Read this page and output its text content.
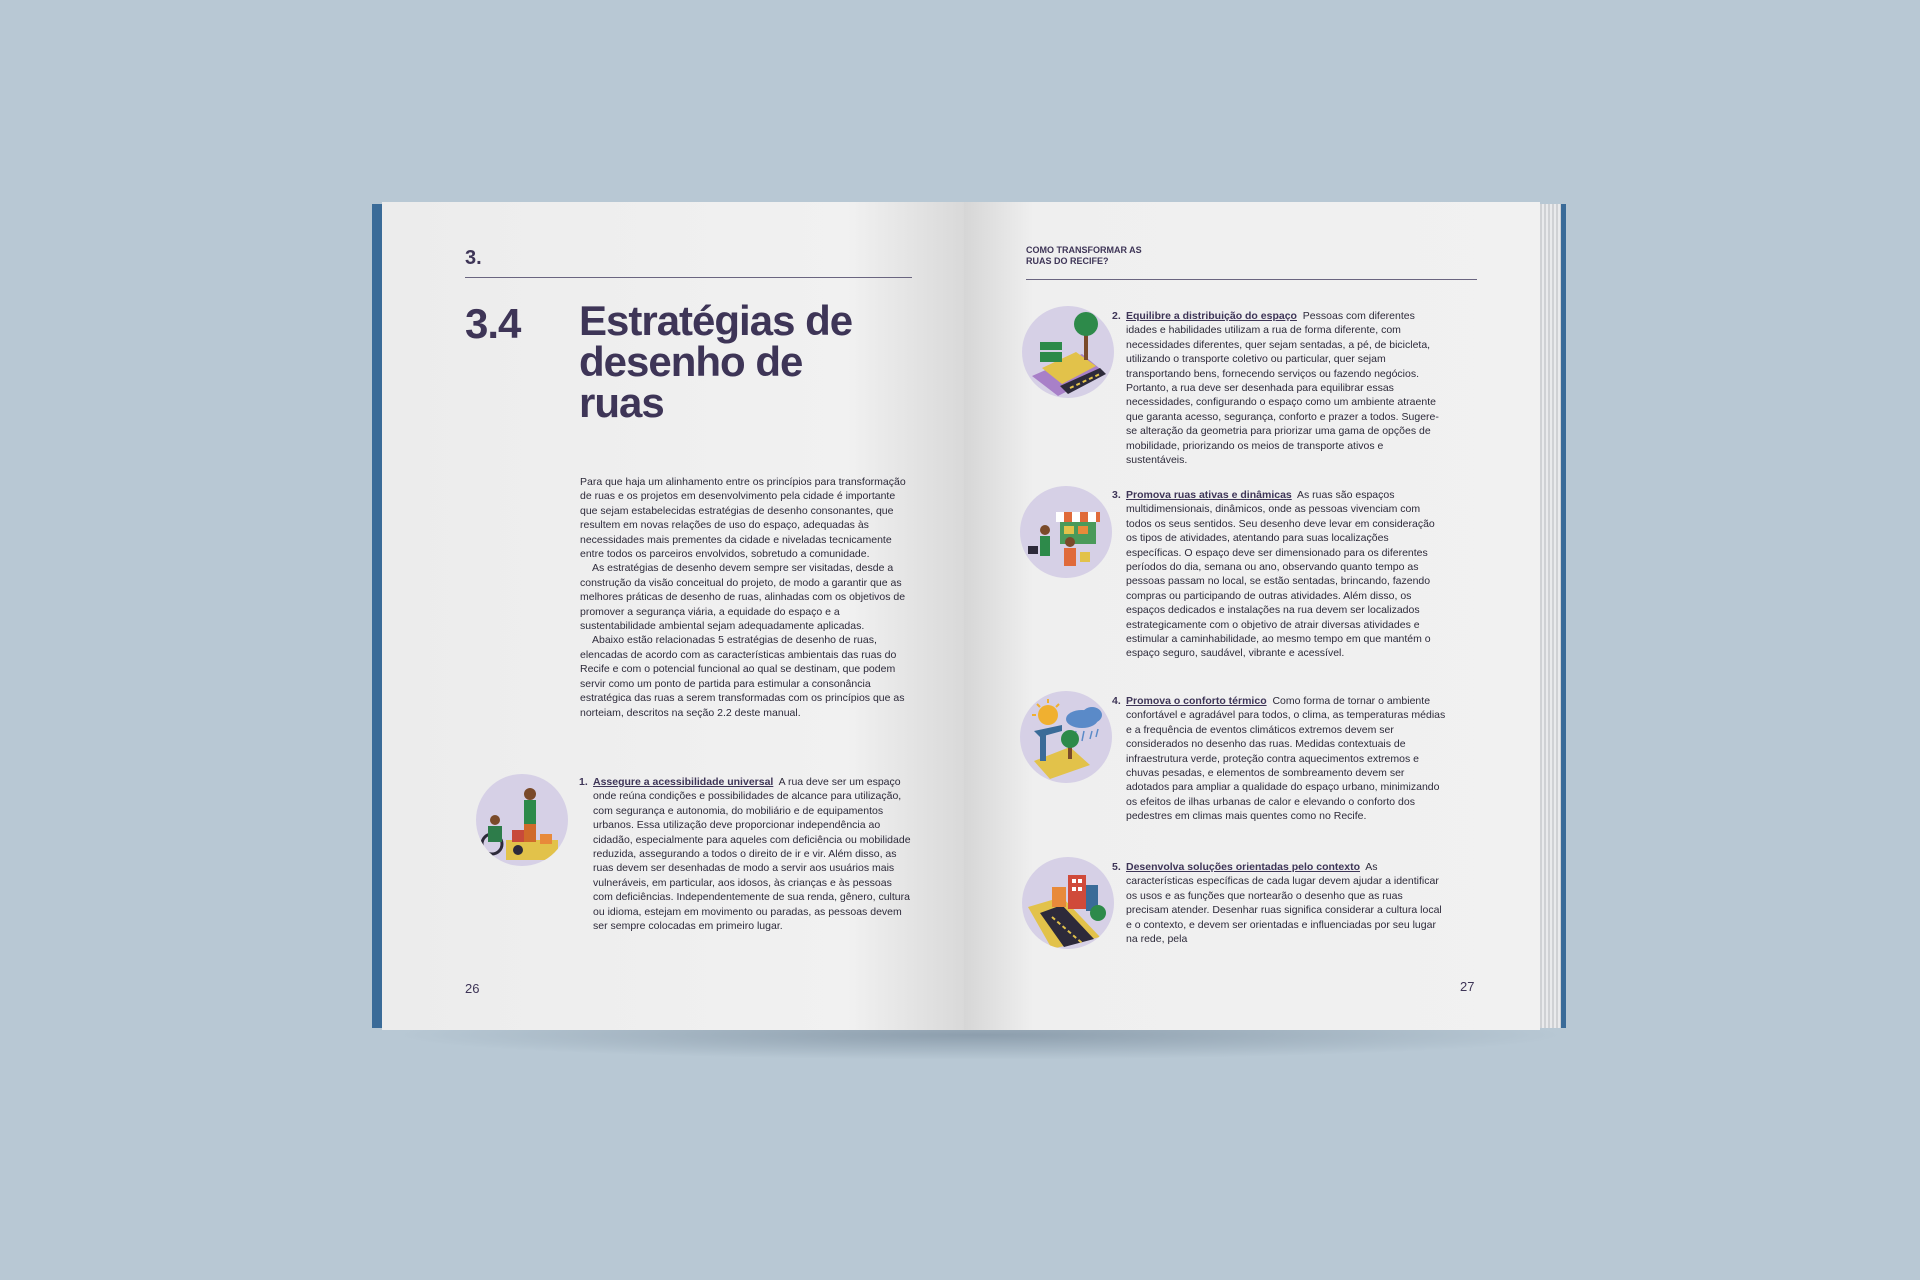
3.
3.4 Estratégias de desenho de ruas

Para que haja um alinhamento entre os princípios para transformação de ruas e os projetos em desenvolvimento pela cidade é importante que sejam estabelecidas estratégias de desenho consonantes, que resultem em novas relações de uso do espaço, adequadas às necessidades mais prementes da cidade e niveladas tecnicamente entre todos os parceiros envolvidos, sobretudo a comunidade.

As estratégias de desenho devem sempre ser visitadas, desde a construção da visão conceitual do projeto, de modo a garantir que as melhores práticas de desenho de ruas, alinhadas com os objetivos de promover a segurança viária, a equidade do espaço e a sustentabilidade ambiental sejam adequadamente aplicadas.

Abaixo estão relacionadas 5 estratégias de desenho de ruas, elencadas de acordo com as características ambientais das ruas do Recife e com o potencial funcional ao qual se destinam, que podem servir como um ponto de partida para estimular a consonância estratégica das ruas a serem transformadas com os princípios que as norteiam, descritos na seção 2.2 deste manual.

1. Assegure a acessibilidade universal A rua deve ser um espaço onde reúna condições e possibilidades de alcance para utilização, com segurança e autonomia, do mobiliário e de equipamentos urbanos. Essa utilização deve proporcionar independência ao cidadão, especialmente para aqueles com deficiência ou mobilidade reduzida, assegurando a todos o direito de ir e vir. Além disso, as ruas devem ser desenhadas de modo a servir aos usuários mais vulneráveis, em particular, aos idosos, às crianças e às pessoas com deficiências. Independentemente de sua renda, gênero, cultura ou idioma, estejam em movimento ou paradas, as pessoas devem ser sempre colocadas em primeiro lugar.
26
COMO TRANSFORMAR AS RUAS DO RECIFE?
2. Equilibre a distribuição do espaço Pessoas com diferentes idades e habilidades utilizam a rua de forma diferente, com necessidades diferentes, quer sejam sentadas, a pé, de bicicleta, utilizando o transporte coletivo ou particular, quer sejam transportando bens, fornecendo serviços ou fazendo negócios. Portanto, a rua deve ser desenhada para equilibrar essas necessidades, configurando o espaço como um ambiente atraente que garanta acesso, segurança, conforto e prazer a todos. Sugere-se alteração da geometria para priorizar uma gama de opções de mobilidade, priorizando os meios de transporte ativos e sustentáveis.
3. Promova ruas ativas e dinâmicas As ruas são espaços multidimensionais, dinâmicos, onde as pessoas vivenciam com todos os seus sentidos. Seu desenho deve levar em consideração os tipos de atividades, atentando para suas localizações específicas. O espaço deve ser dimensionado para os diferentes períodos do dia, semana ou ano, observando quanto tempo as pessoas passam no local, se estão sentadas, brincando, fazendo compras ou participando de outras atividades. Além disso, os espaços dedicados e instalações na rua devem ser localizados estrategicamente com o objetivo de atrair diversas atividades e estimular a caminhabilidade, ao mesmo tempo em que mantém o espaço seguro, saudável, vibrante e acessível.
4. Promova o conforto térmico Como forma de tornar o ambiente confortável e agradável para todos, o clima, as temperaturas médias e a frequência de eventos climáticos extremos devem ser considerados no desenho das ruas. Medidas contextuais de infraestrutura verde, proteção contra aquecimentos extremos e chuvas pesadas, e elementos de sombreamento devem ser adotados para ampliar a qualidade do espaço urbano, minimizando os efeitos de ilhas urbanas de calor e elevando o conforto dos pedestres em climas mais quentes como no Recife.
5. Desenvolva soluções orientadas pelo contexto As características específicas de cada lugar devem ajudar a identificar os usos e as funções que nortearão o desenho que as ruas precisam atender. Desenhar ruas significa considerar a cultura local e o contexto, e devem ser orientadas e influenciadas por seu lugar na rede, pela
27
